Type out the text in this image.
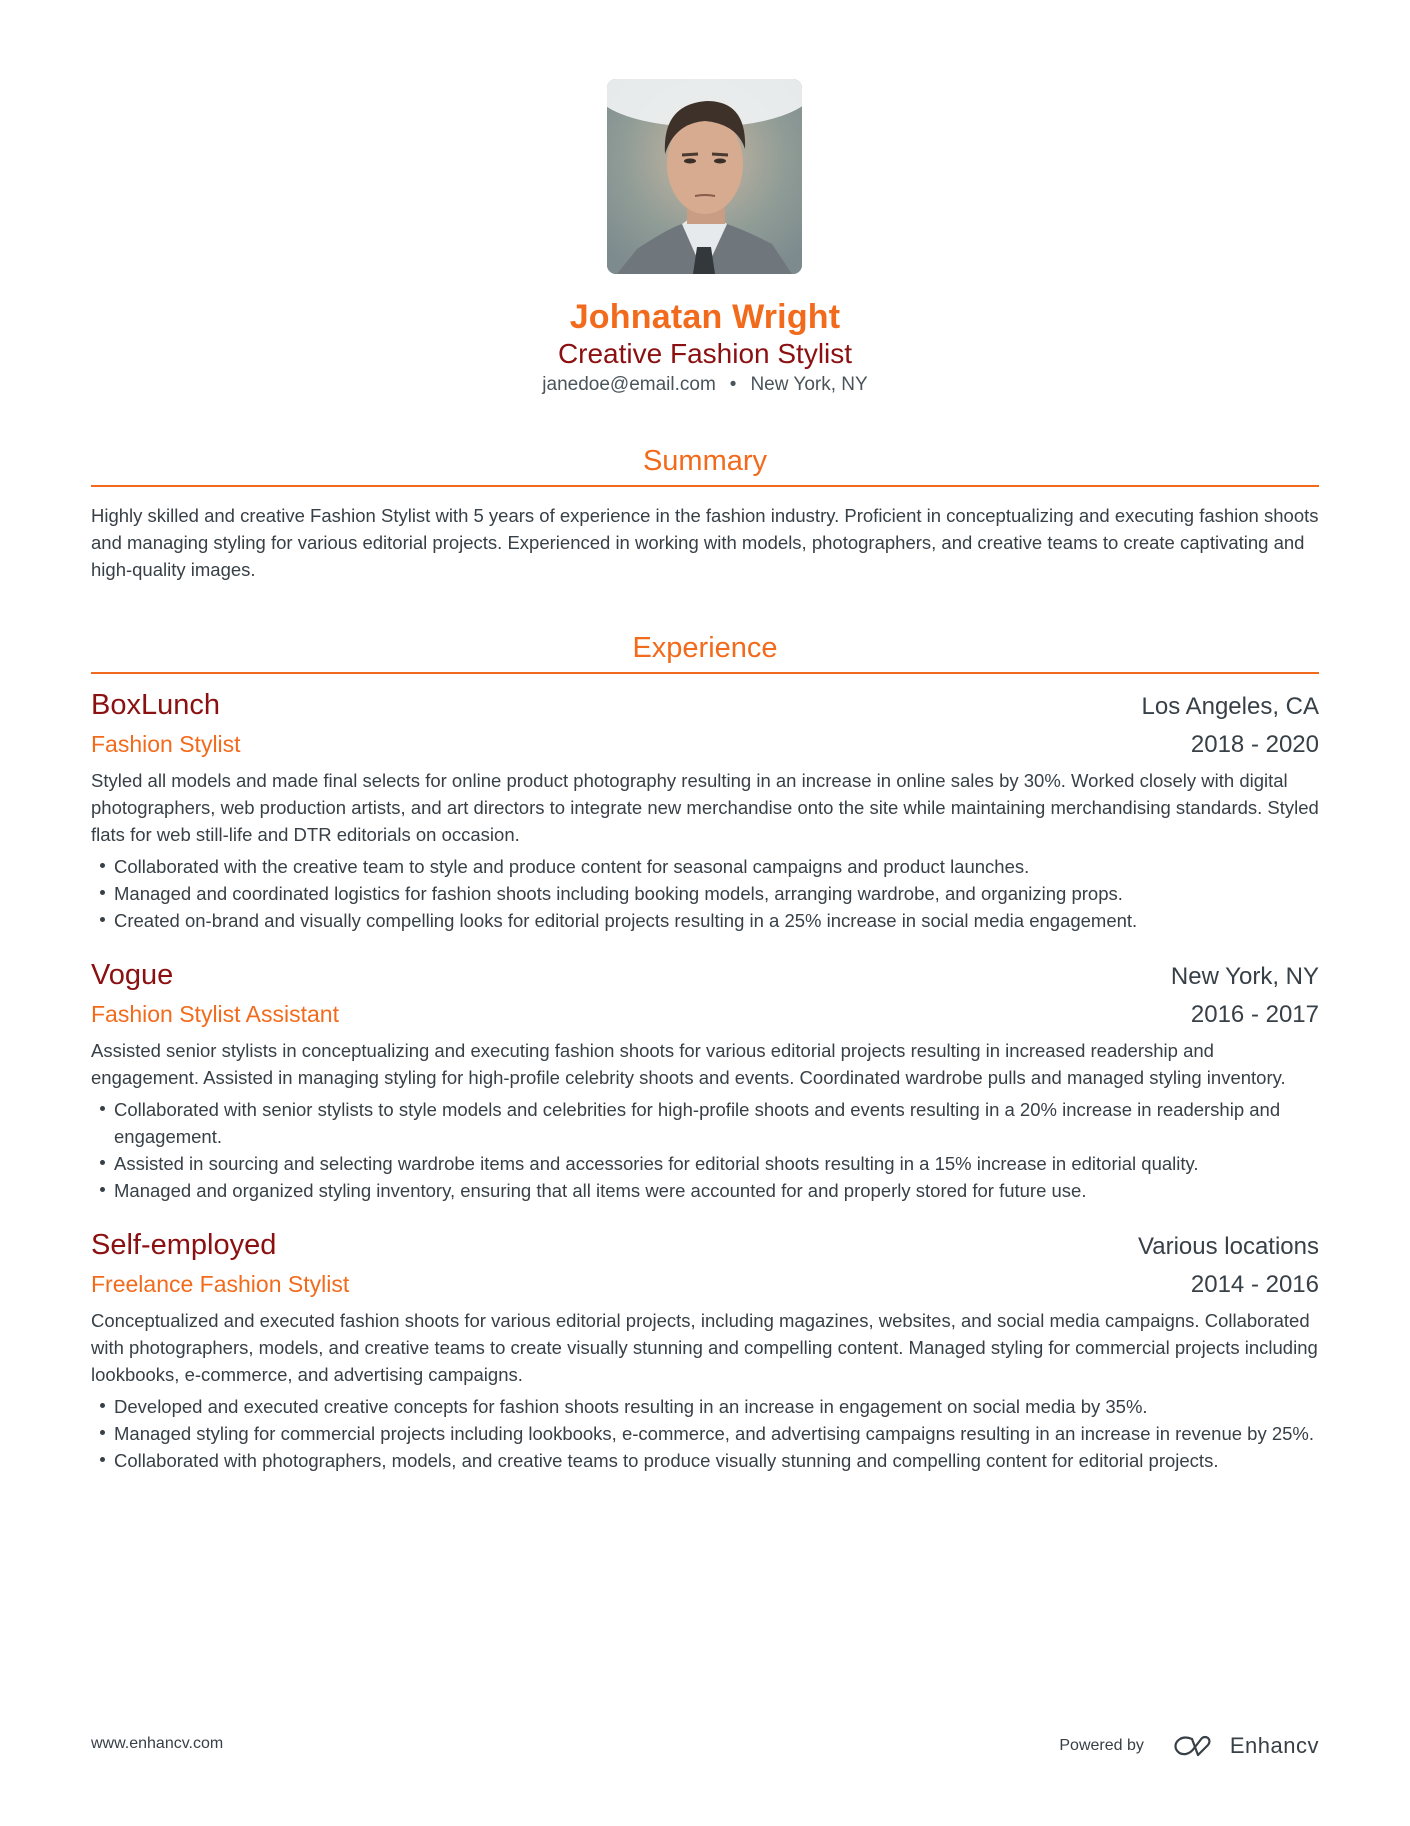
Johnatan Wright
Creative Fashion Stylist
janedoe@email.com • New York, NY
Summary
Highly skilled and creative Fashion Stylist with 5 years of experience in the fashion industry. Proficient in conceptualizing and executing fashion shoots and managing styling for various editorial projects. Experienced in working with models, photographers, and creative teams to create captivating and high-quality images.
Experience
BoxLunch	Los Angeles, CA
Fashion Stylist	2018 - 2020
Styled all models and made final selects for online product photography resulting in an increase in online sales by 30%. Worked closely with digital photographers, web production artists, and art directors to integrate new merchandise onto the site while maintaining merchandising standards. Styled flats for web still-life and DTR editorials on occasion.
Collaborated with the creative team to style and produce content for seasonal campaigns and product launches.
Managed and coordinated logistics for fashion shoots including booking models, arranging wardrobe, and organizing props.
Created on-brand and visually compelling looks for editorial projects resulting in a 25% increase in social media engagement.
Vogue	New York, NY
Fashion Stylist Assistant	2016 - 2017
Assisted senior stylists in conceptualizing and executing fashion shoots for various editorial projects resulting in increased readership and engagement. Assisted in managing styling for high-profile celebrity shoots and events. Coordinated wardrobe pulls and managed styling inventory.
Collaborated with senior stylists to style models and celebrities for high-profile shoots and events resulting in a 20% increase in readership and engagement.
Assisted in sourcing and selecting wardrobe items and accessories for editorial shoots resulting in a 15% increase in editorial quality.
Managed and organized styling inventory, ensuring that all items were accounted for and properly stored for future use.
Self-employed	Various locations
Freelance Fashion Stylist	2014 - 2016
Conceptualized and executed fashion shoots for various editorial projects, including magazines, websites, and social media campaigns. Collaborated with photographers, models, and creative teams to create visually stunning and compelling content. Managed styling for commercial projects including lookbooks, e-commerce, and advertising campaigns.
Developed and executed creative concepts for fashion shoots resulting in an increase in engagement on social media by 35%.
Managed styling for commercial projects including lookbooks, e-commerce, and advertising campaigns resulting in an increase in revenue by 25%.
Collaborated with photographers, models, and creative teams to produce visually stunning and compelling content for editorial projects.
www.enhancv.com	Powered by	Enhancv
